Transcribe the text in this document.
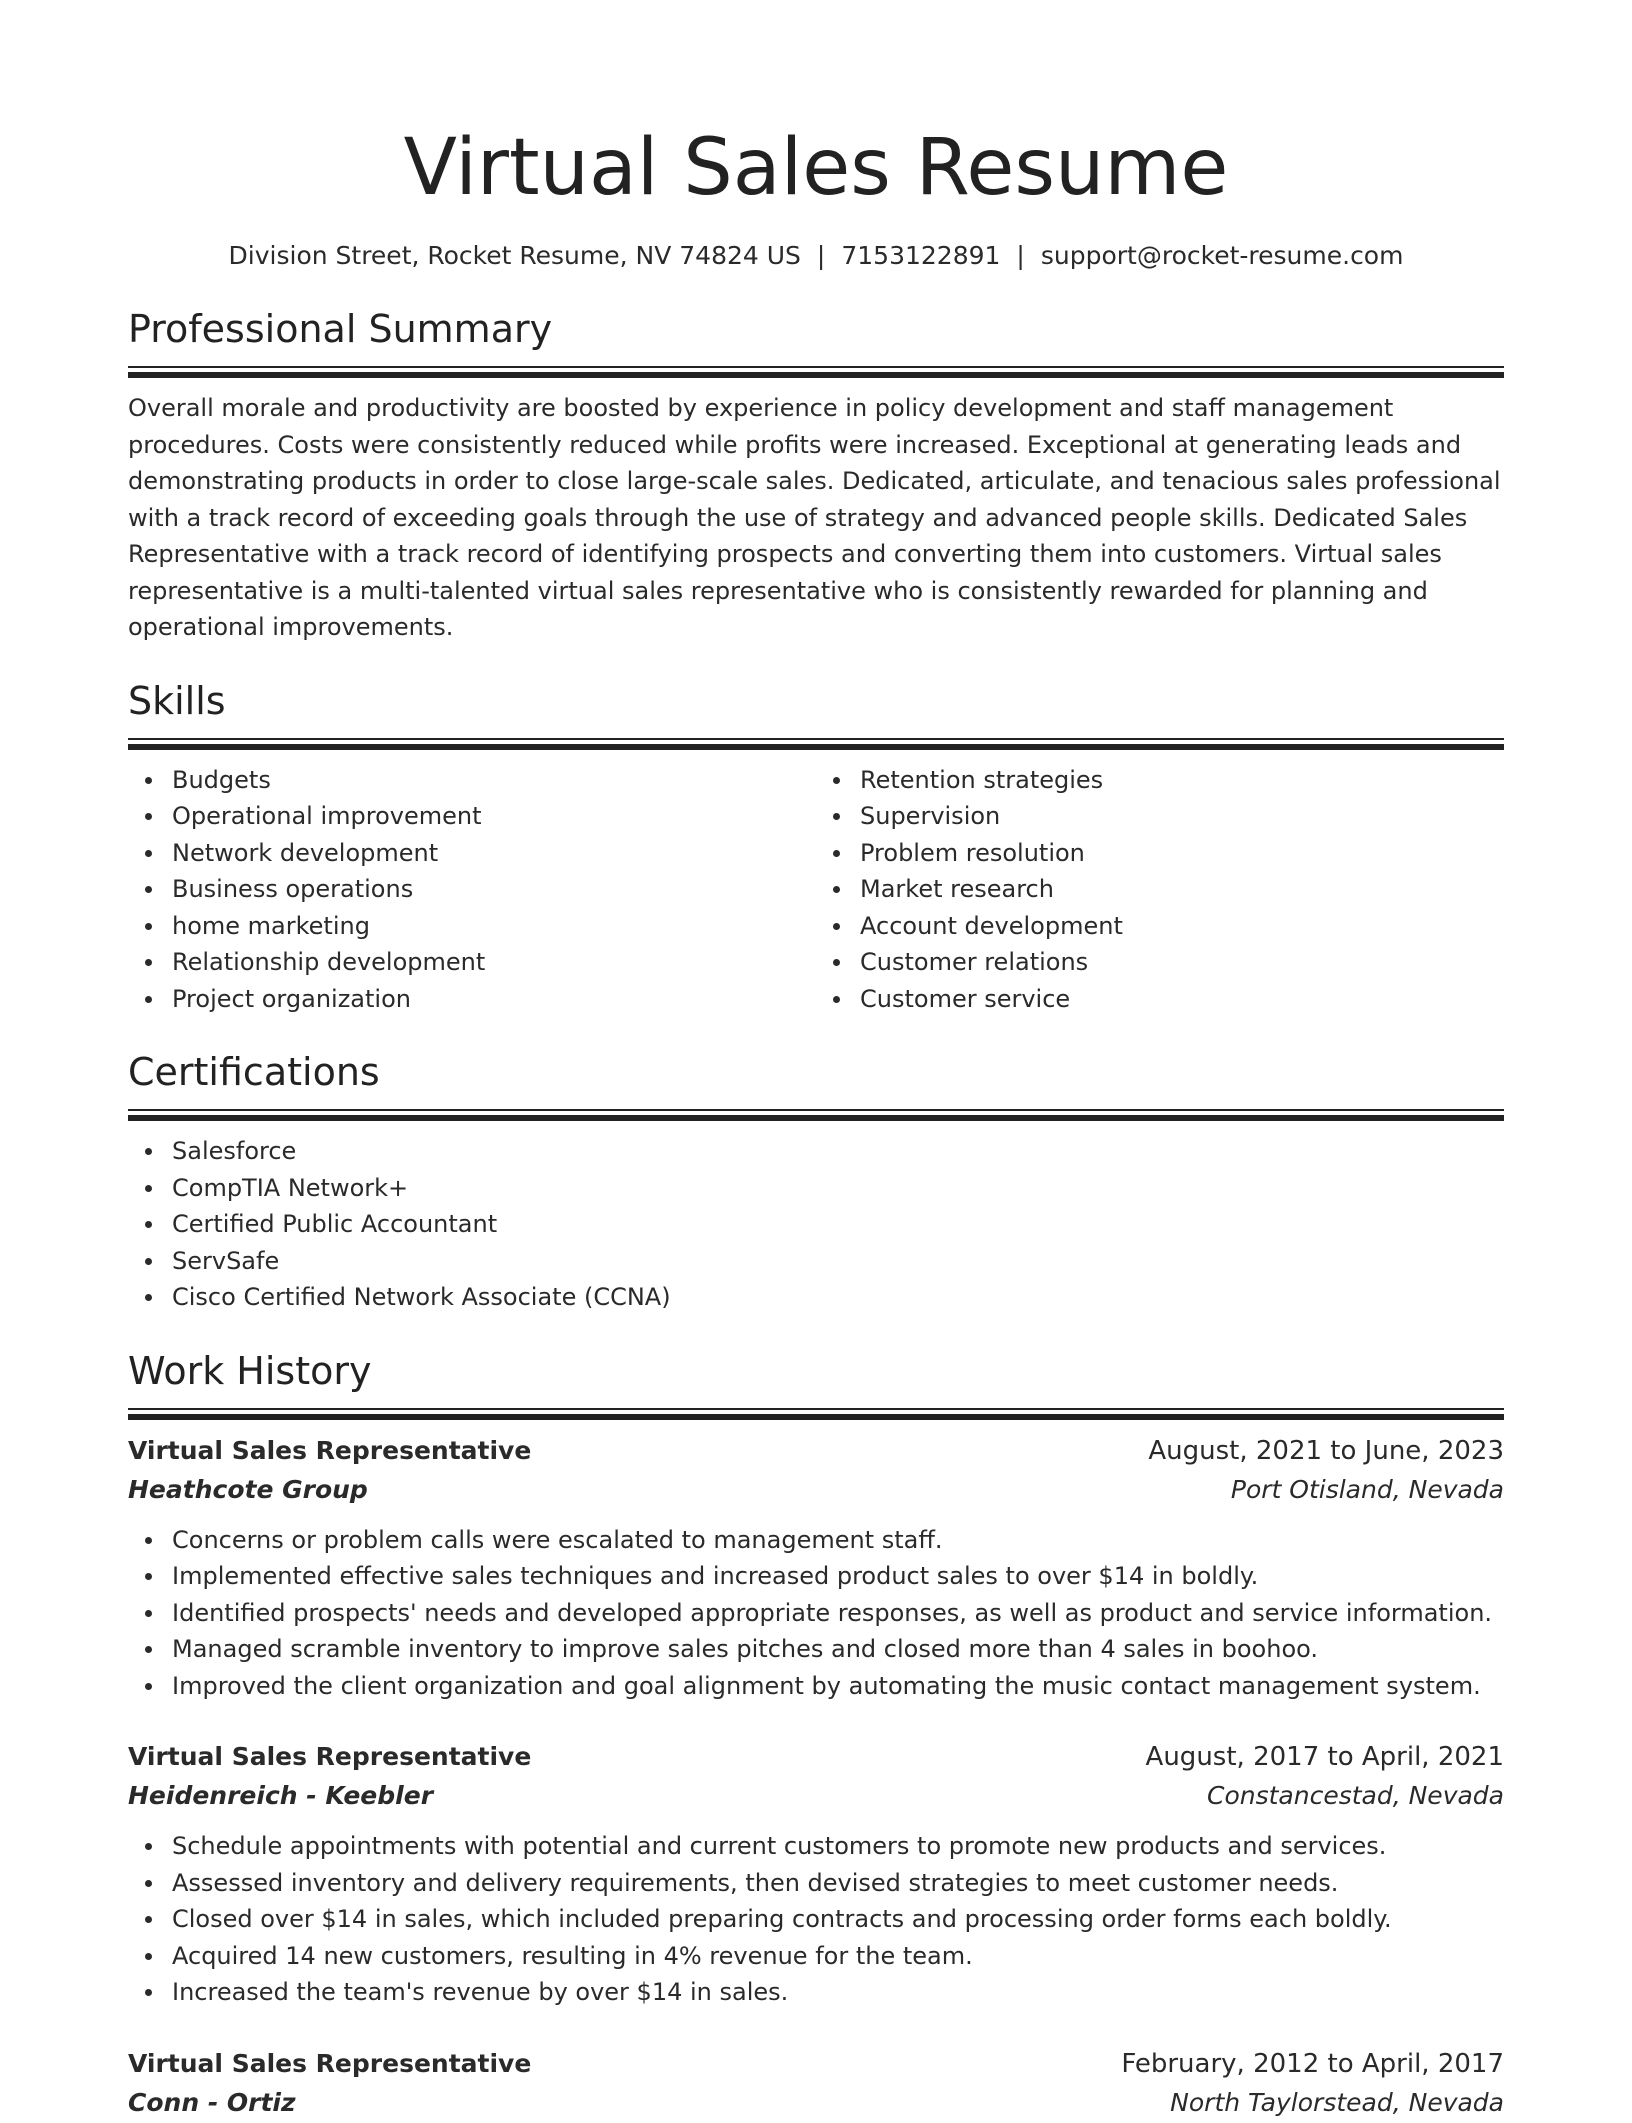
Virtual Sales Resume
Division Street, Rocket Resume, NV 74824 US | 7153122891 | support@rocket-resume.com
Professional Summary

Overall morale and productivity are boosted by experience in policy development and staff management procedures. Costs were consistently reduced while profits were increased. Exceptional at generating leads and demonstrating products in order to close large-scale sales. Dedicated, articulate, and tenacious sales professional with a track record of exceeding goals through the use of strategy and advanced people skills. Dedicated Sales Representative with a track record of identifying prospects and converting them into customers. Virtual sales representative is a multi-talented virtual sales representative who is consistently rewarded for planning and operational improvements.

Skills
Budgets
Operational improvement
Network development
Business operations
home marketing
Relationship development
Project organization
Retention strategies
Supervision
Problem resolution
Market research
Account development
Customer relations
Customer service
Certifications
Salesforce
CompTIA Network+
Certified Public Accountant
ServSafe
Cisco Certified Network Associate (CCNA)
Work History
Virtual Sales Representative	August, 2021 to June, 2023
Heathcote Group	Port Otisland, Nevada
Concerns or problem calls were escalated to management staff.
Implemented effective sales techniques and increased product sales to over $14 in boldly.
Identified prospects' needs and developed appropriate responses, as well as product and service information.
Managed scramble inventory to improve sales pitches and closed more than 4 sales in boohoo.
Improved the client organization and goal alignment by automating the music contact management system.
Virtual Sales Representative	August, 2017 to April, 2021
Heidenreich - Keebler	Constancestad, Nevada
Schedule appointments with potential and current customers to promote new products and services.
Assessed inventory and delivery requirements, then devised strategies to meet customer needs.
Closed over $14 in sales, which included preparing contracts and processing order forms each boldly.
Acquired 14 new customers, resulting in 4% revenue for the team.
Increased the team's revenue by over $14 in sales.
Virtual Sales Representative	February, 2012 to April, 2017
Conn - Ortiz	North Taylorstead, Nevada
